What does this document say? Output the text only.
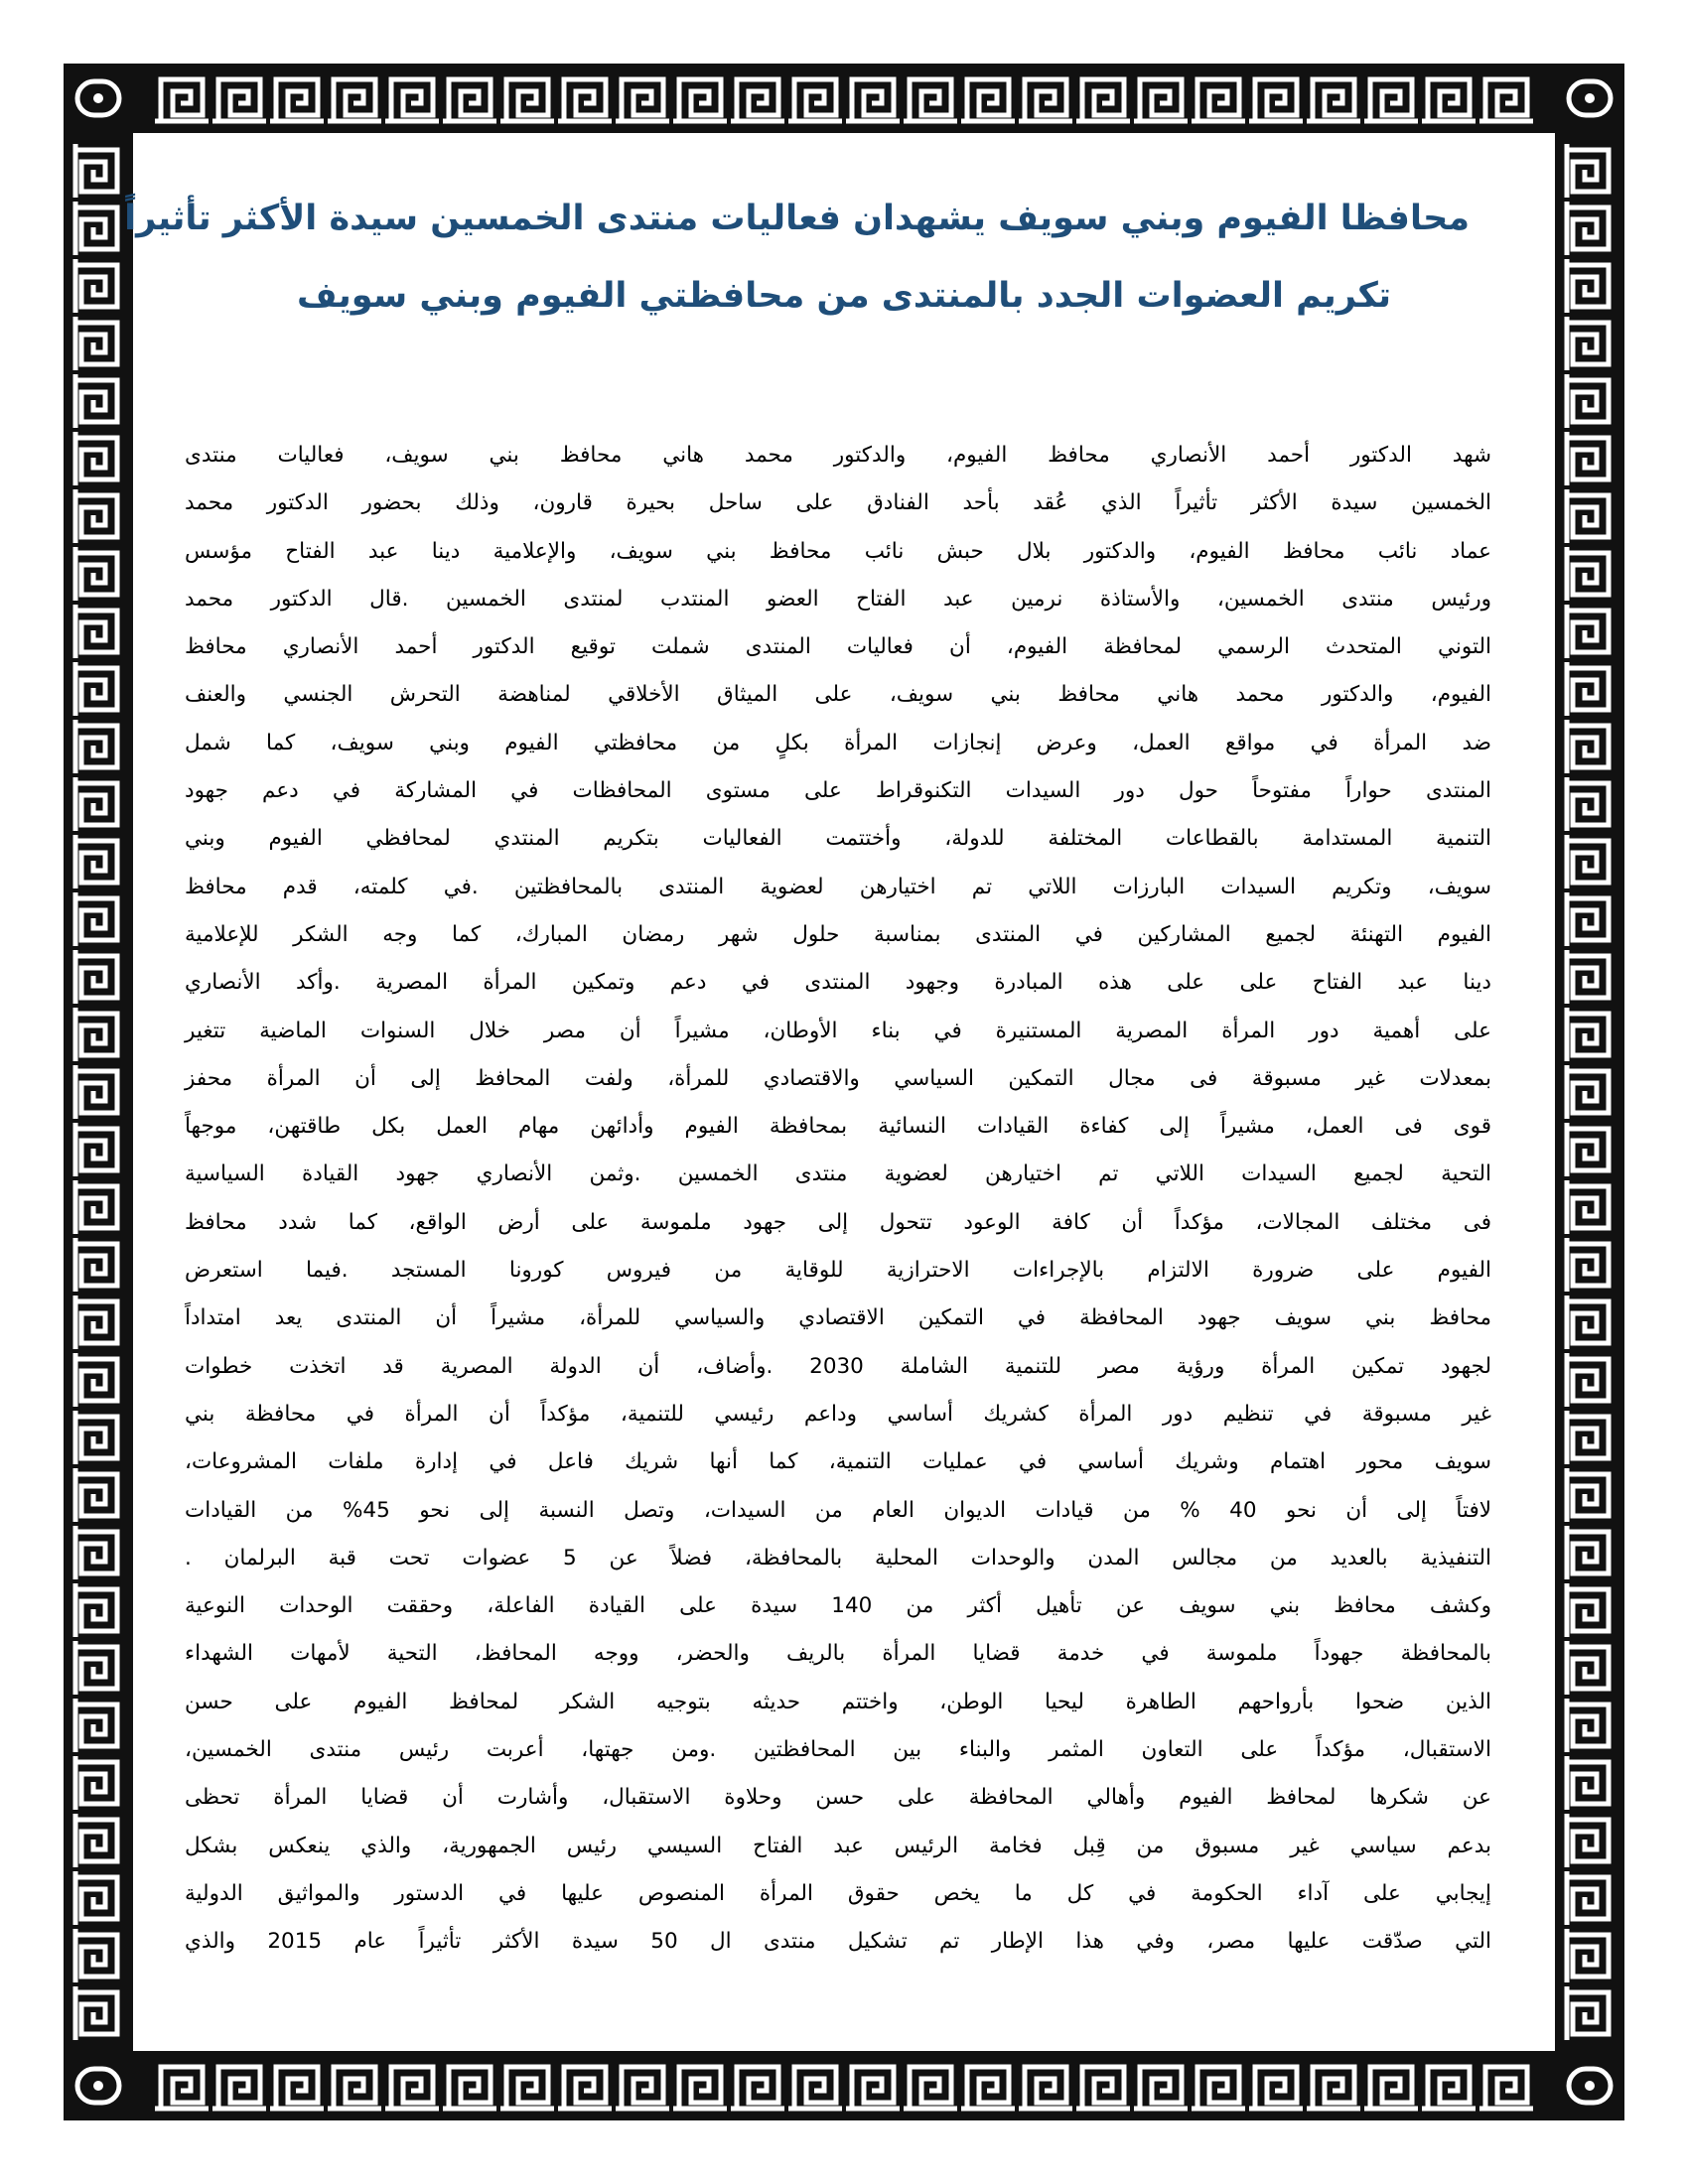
محافظا الفيوم وبني سويف يشهدان فعاليات منتدى الخمسين سيدة الأكثر تأثيراً
تكريم العضوات الجدد بالمنتدى من محافظتي الفيوم وبني سويف
شهد الدكتور أحمد الأنصاري محافظ الفيوم، والدكتور محمد هاني محافظ بني سويف، فعاليات منتدى
الخمسين سيدة الأكثر تأثيراً الذي عُقد بأحد الفنادق على ساحل بحيرة قارون، وذلك بحضور الدكتور محمد
عماد نائب محافظ الفيوم، والدكتور بلال حبش نائب محافظ بني سويف، والإعلامية دينا عبد الفتاح مؤسس
ورئيس منتدى الخمسين، والأستاذة نرمين عبد الفتاح العضو المنتدب لمنتدى الخمسين .قال الدكتور محمد
التوني المتحدث الرسمي لمحافظة الفيوم، أن فعاليات المنتدى شملت توقيع الدكتور أحمد الأنصاري محافظ
الفيوم، والدكتور محمد هاني محافظ بني سويف، على الميثاق الأخلاقي لمناهضة التحرش الجنسي والعنف
ضد المرأة في مواقع العمل، وعرض إنجازات المرأة بكلٍ من محافظتي الفيوم وبني سويف، كما شمل
المنتدى حواراً مفتوحاً حول دور السيدات التكنوقراط على مستوى المحافظات في المشاركة في دعم جهود
التنمية المستدامة بالقطاعات المختلفة للدولة، وأختتمت الفعاليات بتكريم المنتدي لمحافظي الفيوم وبني
سويف، وتكريم السيدات البارزات اللاتي تم اختيارهن لعضوية المنتدى بالمحافظتين .في كلمته، قدم محافظ
الفيوم التهنئة لجميع المشاركين في المنتدى بمناسبة حلول شهر رمضان المبارك، كما وجه الشكر للإعلامية
دينا عبد الفتاح على على هذه المبادرة وجهود المنتدى في دعم وتمكين المرأة المصرية .وأكد الأنصاري
على أهمية دور المرأة المصرية المستنيرة في بناء الأوطان، مشيراً أن مصر خلال السنوات الماضية تتغير
بمعدلات غير مسبوقة فى مجال التمكين السياسي والاقتصادي للمرأة، ولفت المحافظ إلى أن المرأة محفز
قوى فى العمل، مشيراً إلى كفاءة القيادات النسائية بمحافظة الفيوم وأدائهن مهام العمل بكل طاقتهن، موجهاً
التحية لجميع السيدات اللاتي تم اختيارهن لعضوية منتدى الخمسين .وثمن الأنصاري جهود القيادة السياسية
فى مختلف المجالات، مؤكداً أن كافة الوعود تتحول إلى جهود ملموسة على أرض الواقع، كما شدد محافظ
الفيوم على ضرورة الالتزام بالإجراءات الاحترازية للوقاية من فيروس كورونا المستجد .فيما استعرض
محافظ بني سويف جهود المحافظة في التمكين الاقتصادي والسياسي للمرأة، مشيراً أن المنتدى يعد امتداداً
لجهود تمكين المرأة ورؤية مصر للتنمية الشاملة 2030 .وأضاف، أن الدولة المصرية قد اتخذت خطوات
غير مسبوقة في تنظيم دور المرأة كشريك أساسي وداعم رئيسي للتنمية، مؤكداً أن المرأة في محافظة بني
سويف محور اهتمام وشريك أساسي في عمليات التنمية، كما أنها شريك فاعل في إدارة ملفات المشروعات،
لافتاً إلى أن نحو 40 % من قيادات الديوان العام من السيدات، وتصل النسبة إلى نحو 45% من القيادات
التنفيذية بالعديد من مجالس المدن والوحدات المحلية بالمحافظة، فضلاً عن 5 عضوات تحت قبة البرلمان .
وكشف محافظ بني سويف عن تأهيل أكثر من 140 سيدة على القيادة الفاعلة، وحققت الوحدات النوعية
بالمحافظة جهوداً ملموسة في خدمة قضايا المرأة بالريف والحضر، ووجه المحافظ، التحية لأمهات الشهداء
الذين ضحوا بأرواحهم الطاهرة ليحيا الوطن، واختتم حديثه بتوجيه الشكر لمحافظ الفيوم على حسن
الاستقبال، مؤكداً على التعاون المثمر والبناء بين المحافظتين .ومن جهتها، أعربت رئيس منتدى الخمسين،
عن شكرها لمحافظ الفيوم وأهالي المحافظة على حسن وحلاوة الاستقبال، وأشارت أن قضايا المرأة تحظى
بدعم سياسي غير مسبوق من قِبل فخامة الرئيس عبد الفتاح السيسي رئيس الجمهورية، والذي ينعكس بشكل
إيجابي على آداء الحكومة في كل ما يخص حقوق المرأة المنصوص عليها في الدستور والمواثيق الدولية
التي صدّقت عليها مصر، وفي هذا الإطار تم تشكيل منتدى ال 50 سيدة الأكثر تأثيراً عام 2015 والذي
